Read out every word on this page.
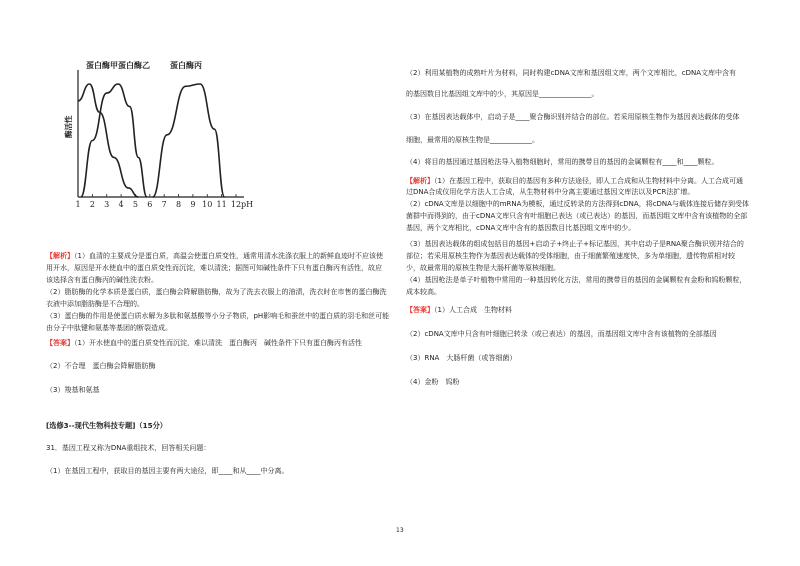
1 2 3 4 5 6 7 8 9 10 11 12 pH
酶活性
蛋白酶甲 蛋白酶乙	蛋白酶丙
【 解析 】 （1）血清的主要成分是蛋白质，高温会使蛋白质变性，通常用清水洗涤衣服上的新鲜血迹时不应该使
用开水，原因是开水使血中的蛋白质变性而沉淀，难以清洗；据图可知碱性条件下只有蛋白酶丙有活性，故应
该选择含有蛋白酶丙的碱性洗衣粉。
（2）脂肪酶的化学本质是蛋白质，蛋白酶会降解脂肪酶，故为了洗去衣服上的油渍，洗衣时在市售的蛋白酶洗
衣液中添加脂肪酶是不合理的。
（3）蛋白酶的作用是使蛋白质水解为多肽和氨基酸等小分子物质，pH影响毛和蚕丝中的蛋白质的羽毛和丝可能
由分子中肽键和氨基等基团的断裂造成。
【 答案 】 （1）开水使血中的蛋白质变性而沉淀，难以清洗　蛋白酶丙　碱性条件下只有蛋白酶丙有活性
（2）不合理　蛋白酶会降解脂肪酶
（3）羧基和氨基
[选修3--现代生物科技专题]（15分）
31．基因工程又称为DNA重组技术，回答相关问题：
（1）在基因工程中，获取目的基因主要有两大途径，即____和从____中分离。
（2）利用某植物的成熟叶片为材料，同时构建cDNA文库和基因组文库，两个文库相比，cDNA文库中含有
的基因数目比基因组文库中的少，其原因是_______________。
（3）在基因表达载体中，启动子是____聚合酶识别并结合的部位。若采用原核生物作为基因表达载体的受体
细胞，最常用的原核生物是____________。
（4）将目的基因通过基因枪法导入植物细胞时，常用的携带目的基因的金属颗粒有____和____颗粒。
【 解析 】 （1）在基因工程中，获取目的基因有多种方法途径，即人工合成和从生物材料中分离。人工合成可通
过DNA合成仪用化学方法人工合成，从生物材料中分离主要通过基因文库法以及PCR法扩增。
（2）cDNA文库是以细胞中的mRNA为模板，通过反转录的方法得到cDNA，将cDNA与载体连接后储存到受体
菌群中而得到的，由于cDNA文库只含有叶细胞已表达（或已表达）的基因，而基因组文库中含有该植物的全部
基因，两个文库相比，cDNA文库中含有的基因数目比基因组文库中的少。
（3）基因表达载体的组成包括目的基因+启动子+终止子+标记基因，其中启动子是RNA聚合酶识别并结合的
部位；若采用原核生物作为基因表达载体的受体细胞，由于细菌繁殖速度快，多为单细胞，遗传物质相对较
少，故最常用的原核生物是大肠杆菌等原核细胞。
（4）基因枪法是单子叶植物中常用的一种基因转化方法，常用的携带目的基因的金属颗粒有金粉和钨粉颗粒，
成本较高。
【 答案 】 （1）人工合成　生物材料
（2）cDNA文库中只含有叶细胞已转录（或已表达）的基因，而基因组文库中含有该植物的全部基因
（3）RNA　大肠杆菌（或答细菌）
（4）金粉　钨粉
13
